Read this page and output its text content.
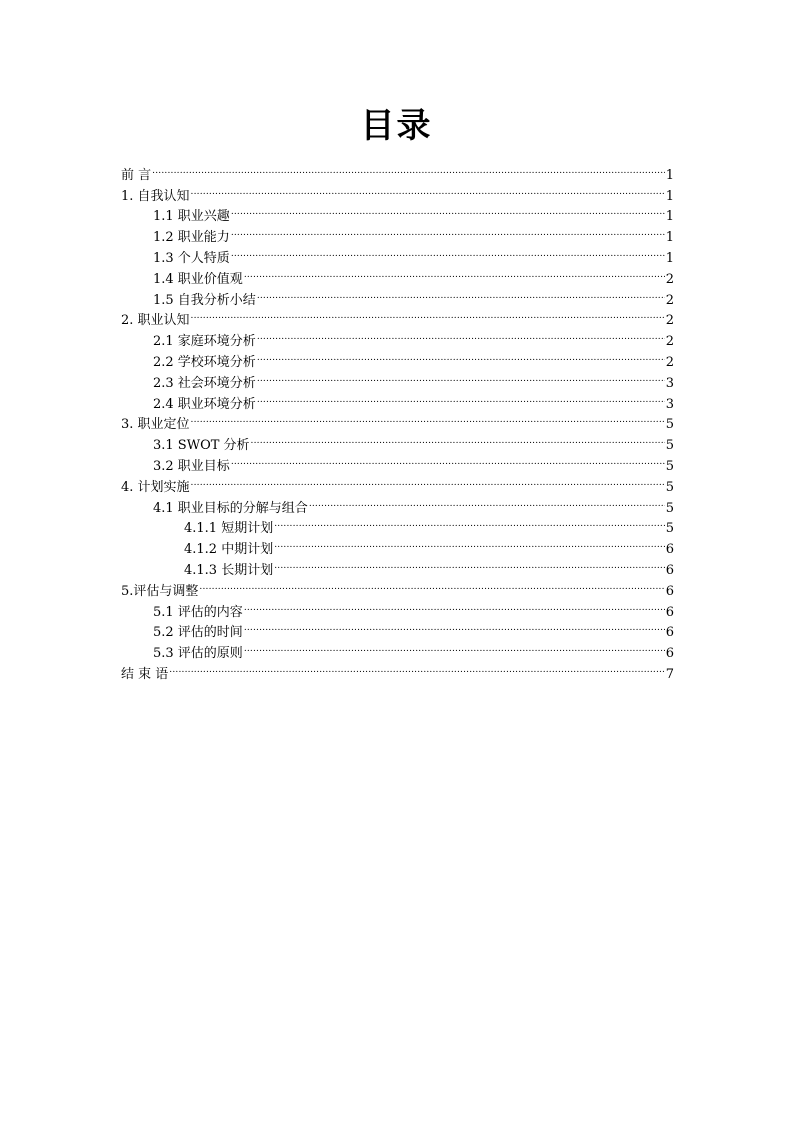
目录
前 言 .....	1
1. 自我认知 .....	1
1.1 职业兴趣 .....	1
1.2 职业能力 .....	1
1.3 个人特质 .....	1
1.4 职业价值观 .....	2
1.5 自我分析小结 .....	2
2. 职业认知 .....	2
2.1 家庭环境分析 .....	2
2.2 学校环境分析 .....	2
2.3 社会环境分析 .....	3
2.4 职业环境分析 .....	3
3. 职业定位 .....	5
3.1 SWOT 分析 .....	5
3.2 职业目标 .....	5
4. 计划实施 .....	5
4.1 职业目标的分解与组合 .....	5
4.1.1 短期计划 .....	5
4.1.2 中期计划 .....	6
4.1.3 长期计划 .....	6
5.评估与调整 .....	6
5.1 评估的内容 .....	6
5.2 评估的时间 .....	6
5.3 评估的原则 .....	6
结 束 语 .....	7
